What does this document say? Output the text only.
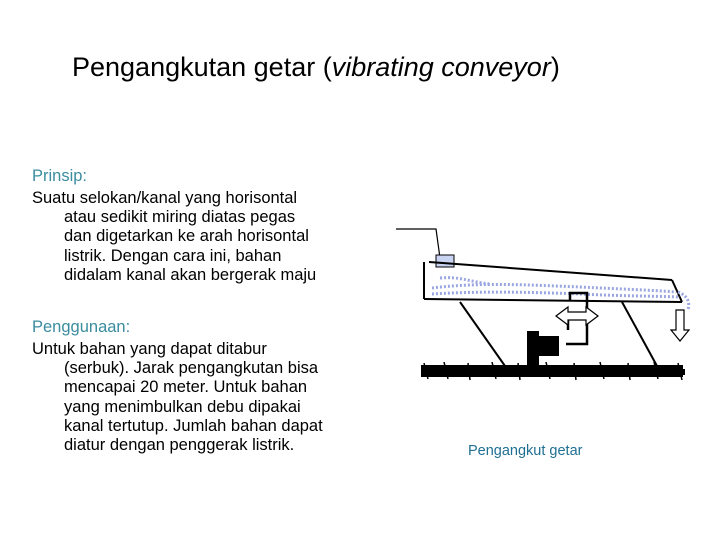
Pengangkutan getar (vibrating conveyor)
Prinsip:
Suatu selokan/kanal yang horisontal
atau sedikit miring diatas pegas
dan digetarkan ke arah horisontal
listrik. Dengan cara ini, bahan
didalam kanal akan bergerak maju
Penggunaan:
Untuk bahan yang dapat ditabur
(serbuk). Jarak pengangkutan bisa
mencapai 20 meter. Untuk bahan
yang menimbulkan debu dipakai
kanal tertutup. Jumlah bahan dapat
diatur dengan penggerak listrik.	Pengangkut getar
